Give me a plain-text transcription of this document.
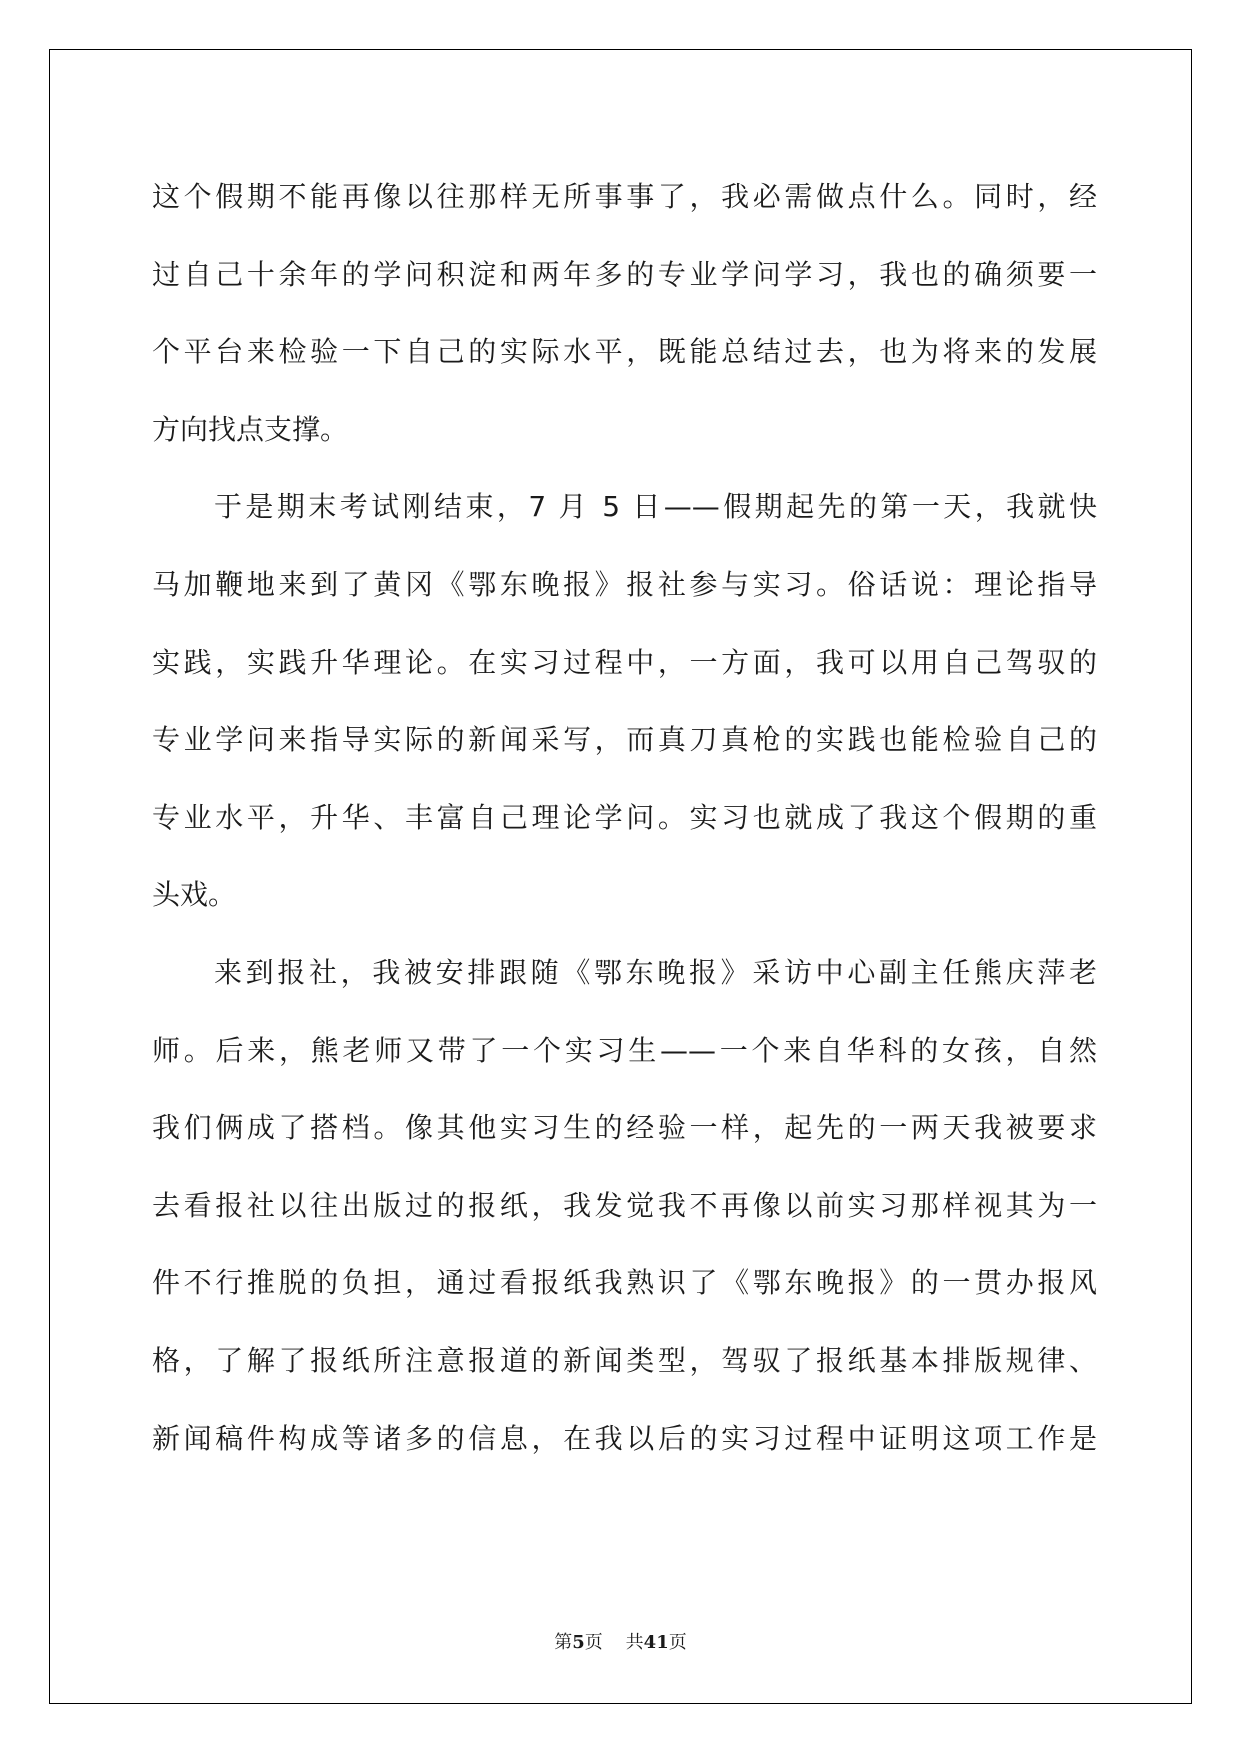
这个假期不能再像以往那样无所事事了，我必需做点什么。同时，经
过自己十余年的学问积淀和两年多的专业学问学习，我也的确须要一
个平台来检验一下自己的实际水平，既能总结过去，也为将来的发展
方向找点支撑。
于是期末考试刚结束，7 月 5 日——假期起先的第一天，我就快
马加鞭地来到了黄冈《鄂东晚报》报社参与实习。俗话说：理论指导
实践，实践升华理论。在实习过程中，一方面，我可以用自己驾驭的
专业学问来指导实际的新闻采写，而真刀真枪的实践也能检验自己的
专业水平，升华、丰富自己理论学问。实习也就成了我这个假期的重
头戏。
来到报社，我被安排跟随《鄂东晚报》采访中心副主任熊庆萍老
师。后来，熊老师又带了一个实习生——一个来自华科的女孩，自然
我们俩成了搭档。像其他实习生的经验一样，起先的一两天我被要求
去看报社以往出版过的报纸，我发觉我不再像以前实习那样视其为一
件不行推脱的负担，通过看报纸我熟识了《鄂东晚报》的一贯办报风
格，了解了报纸所注意报道的新闻类型，驾驭了报纸基本排版规律、
新闻稿件构成等诸多的信息，在我以后的实习过程中证明这项工作是
第5页    共41页
